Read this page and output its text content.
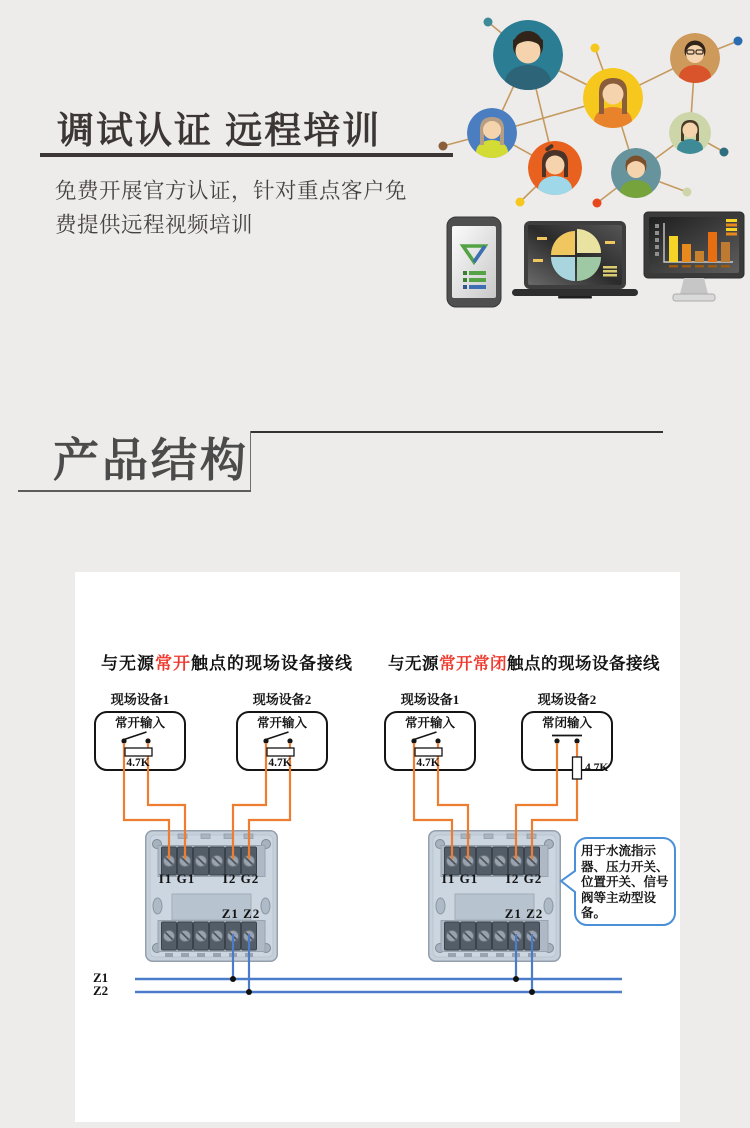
调试认证 远程培训

免费开展官方认证，针对重点客户免

费提供远程视频培训

产品结构
与无源常开触点的现场设备接线	与无源常开常闭触点的现场设备接线
现场设备1	现场设备2	现场设备1	现场设备2
常开输入	常开输入	常开输入	常闭输入
4.7K	4.7K	4.7K	4.7K
I1 G1	I2 G2
Z1 Z2
I1 G1	I2 G2
Z1 Z2
Z1
Z2
用于水流指示器、压力开关、位置开关、信号阀等主动型设备。
